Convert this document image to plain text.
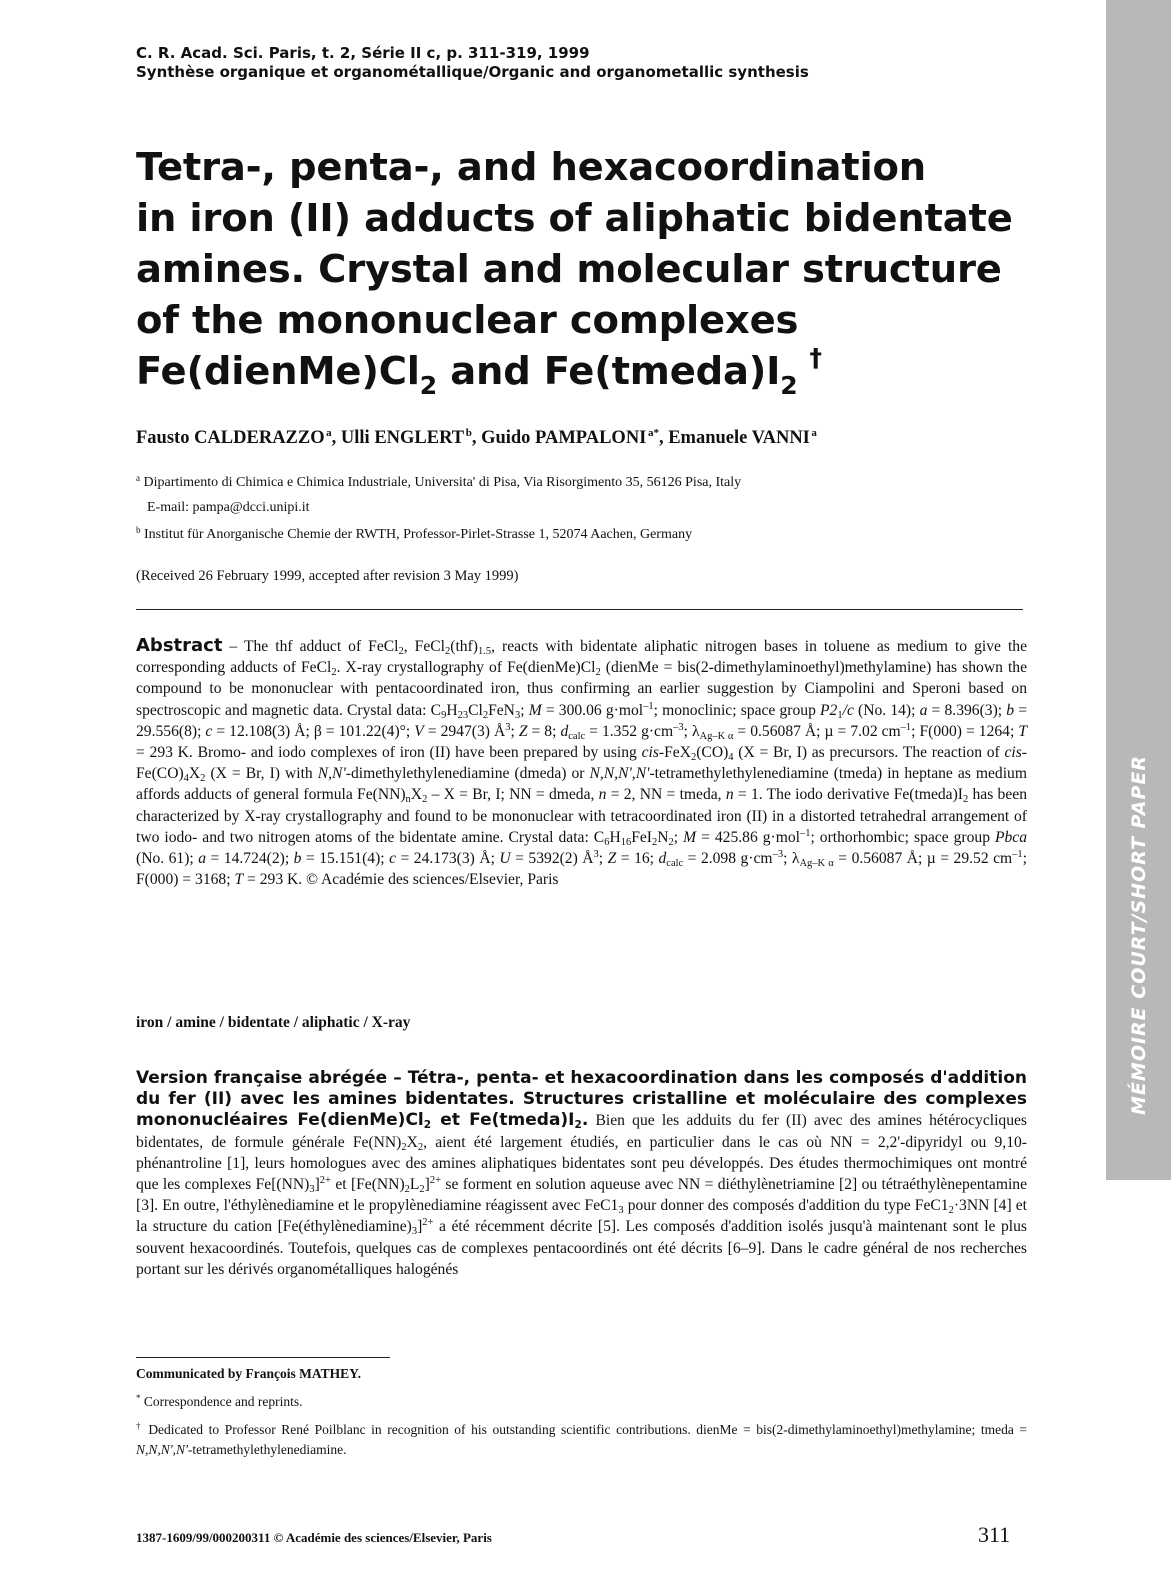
C. R. Acad. Sci. Paris, t. 2, Série II c, p. 311-319, 1999
Synthèse organique et organométallique/Organic and organometallic synthesis
Tetra-, penta-, and hexacoordination
in iron (II) adducts of aliphatic bidentate
amines. Crystal and molecular structure
of the mononuclear complexes
$Fe(dienMe)Cl_2$ and $Fe(tmeda)I_2^\dagger$
Fausto CALDERAZZO  $^a$, Ulli ENGLERT  $^b$, Guido PAMPALONI  $^{a*}$, Emanuele VANNI  $^a$
$^a$ Dipartimento di Chimica e Chimica Industriale, Universita' di Pisa, Via Risorgimento 35, 56126 Pisa, Italy
E-mail: pampa@dcci.unipi.it
$^b$ Institut für Anorganische Chemie der RWTH, Professor-Pirlet-Strasse 1, 52074 Aachen, Germany
(Received 26 February 1999, accepted after revision 3 May 1999)
Abstract – The thf adduct of FeCl$_2$, $FeCl_2(thf)_{1.5}$, reacts with bidentate aliphatic nitrogen bases in toluene as medium to give the corresponding adducts of FeCl$_2$. X-ray crystallography of $Fe(dienMe)Cl_2$ (dienMe = bis(2-dimethylaminoethyl)methylamine) has shown the compound to be mononuclear with pentacoordinated iron, thus confirming an earlier suggestion by Ciampolini and Speroni based on spectroscopic and magnetic data. Crystal data: $C_9H_{23}Cl_2FeN_3$; M = 300.06 g·mol$^{-1}$; monoclinic; space group $P2_1/c$ (No. 14); a = 8.396(3); b = 29.556(8); c = 12.108(3) Å; β = 101.22(4)°; V = 2947(3) $Å^3$; Z = 8; $d_{calc} = 1.352$ $g\cdot cm^{-3}$; $\lambda_{Ag-K \alpha} = 0.56087$ Å; µ = 7.02 $cm^{-1}$; F(000) = 1264; T = 293 K. Bromo- and iodo complexes of iron (II) have been prepared by using cis-$FeX_2(CO)_4$ (X = Br, I) as precursors. The reaction of cis-$Fe(CO)_4X_2$ (X = Br, I) with N,N'-dimethylethylenediamine (dmeda) or N,N,N',N'-tetramethylethylenediamine (tmeda) in heptane as medium affords adducts of general formula $Fe(NN)_nX_2 - X = Br$, I; NN = dmeda, n = 2, NN = tmeda, n = 1. The iodo derivative $Fe(tmeda)I_2$ has been characterized by X-ray crystallography and found to be mononuclear with tetracoordinated iron (II) in a distorted tetrahedral arrangement of two iodo- and two nitrogen atoms of the bidentate amine. Crystal data: $C_6H_{16}FeI_2N_2$; M = 425.86 g·mol$^{-1}$; orthorhombic; space group Pbca (No. 61); a = 14.724(2); b = 15.151(4); c = 24.173(3) Å; U = 5392(2) $Å^3$; Z = 16; $d_{calc} = 2.098$ $g\cdot cm^{-3}$; $\lambda_{Ag-K \alpha} = 0.56087$ Å; µ = 29.52 $cm^{-1}$; F(000) = 3168; T = 293 K. © Académie des sciences/Elsevier, Paris
iron / amine / bidentate / aliphatic / X-ray
Version française abrégée – Tétra-, penta- et hexacoordination dans les composés d'addition du fer (II) avec les amines bidentates. Structures cristalline et moléculaire des complexes mononucléaires $Fe(dienMe)Cl_2$ et $Fe(tmeda)I_2$. Bien que les adduits du fer (II) avec des amines hétérocycliques bidentates, de formule générale $Fe(NN)_2X_2$, aient été largement étudiés, en particulier dans le cas où NN = 2,2'-dipyridyl ou 9,10-phénantroline [1], leurs homologues avec des amines aliphatiques bidentates sont peu développés. Des études thermochimiques ont montré que les complexes $Fe[(NN)_3]^{2+}$ et $[Fe(NN)_2L_2]^{2+}$ se forment en solution aqueuse avec NN = diéthylènetriamine [2] ou tétraéthylènepentamine [3]. En outre, l'éthylènediamine et le propylènediamine réagissent avec $FeC1_3$ pour donner des composés d'addition du type $FeC1_2\cdot 3NN$ [4] et la structure du cation $[Fe(éthylènediamine)_3]^{2+}$ a été récemment décrite [5]. Les composés d'addition isolés jusqu'à maintenant sont le plus souvent hexacoordinés. Toutefois, quelques cas de complexes pentacoordinés ont été décrits [6–9]. Dans le cadre général de nos recherches portant sur les dérivés organométalliques halogénés
Communicated by François MATHEY.
* Correspondence and reprints.
† Dedicated to Professor René Poilblanc in recognition of his outstanding scientific contributions. dienMe = bis(2-dimethylaminoethyl)methylamine; tmeda = N,N,N',N'-tetramethylethylenediamine.
1387-1609/99/000200311 © Académie des sciences/Elsevier, Paris	311
MÉMOIRE COURT/SHORT PAPER
